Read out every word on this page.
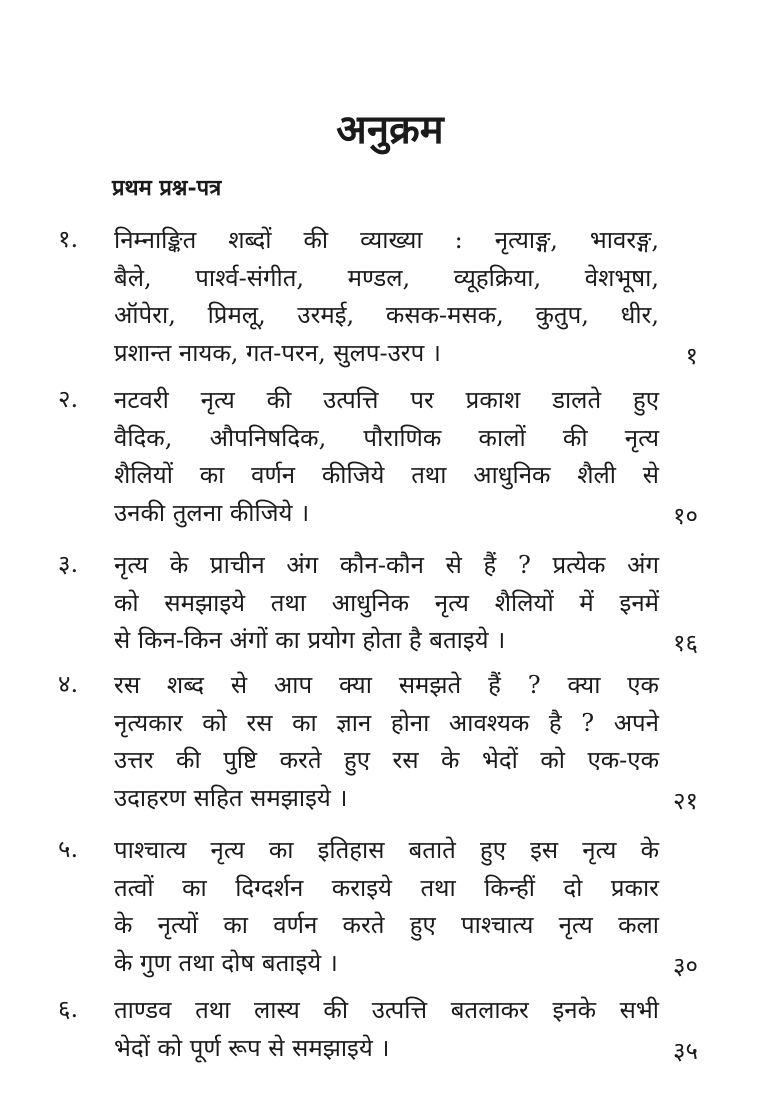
अनुक्रम
प्रथम प्रश्न-पत्र
१.	निम्नाङ्कित शब्दों की व्याख्या : नृत्याङ्ग, भावरङ्ग,
बैले, पार्श्व-संगीत, मण्डल, व्यूहक्रिया, वेशभूषा,
ऑपेरा, प्रिमलू, उरमई, कसक-मसक, कुतुप, धीर,
प्रशान्त नायक, गत-परन, सुलप-उरप ।	१
२.	नटवरी नृत्य की उत्पत्ति पर प्रकाश डालते हुए
वैदिक, औपनिषदिक, पौराणिक कालों की नृत्य
शैलियों का वर्णन कीजिये तथा आधुनिक शैली से
उनकी तुलना कीजिये ।	१०
३.	नृत्य के प्राचीन अंग कौन-कौन से हैं ? प्रत्येक अंग
को समझाइये तथा आधुनिक नृत्य शैलियों में इनमें
से किन-किन अंगों का प्रयोग होता है बताइये ।	१६
४.	रस शब्द से आप क्या समझते हैं ? क्या एक
नृत्यकार को रस का ज्ञान होना आवश्यक है ? अपने
उत्तर की पुष्टि करते हुए रस के भेदों को एक-एक
उदाहरण सहित समझाइये ।	२१
५.	पाश्चात्य नृत्य का इतिहास बताते हुए इस नृत्य के
तत्वों का दिग्दर्शन कराइये तथा किन्हीं दो प्रकार
के नृत्यों का वर्णन करते हुए पाश्चात्य नृत्य कला
के गुण तथा दोष बताइये ।	३०
६.	ताण्डव तथा लास्य की उत्पत्ति बतलाकर इनके सभी
भेदों को पूर्ण रूप से समझाइये ।	३५
